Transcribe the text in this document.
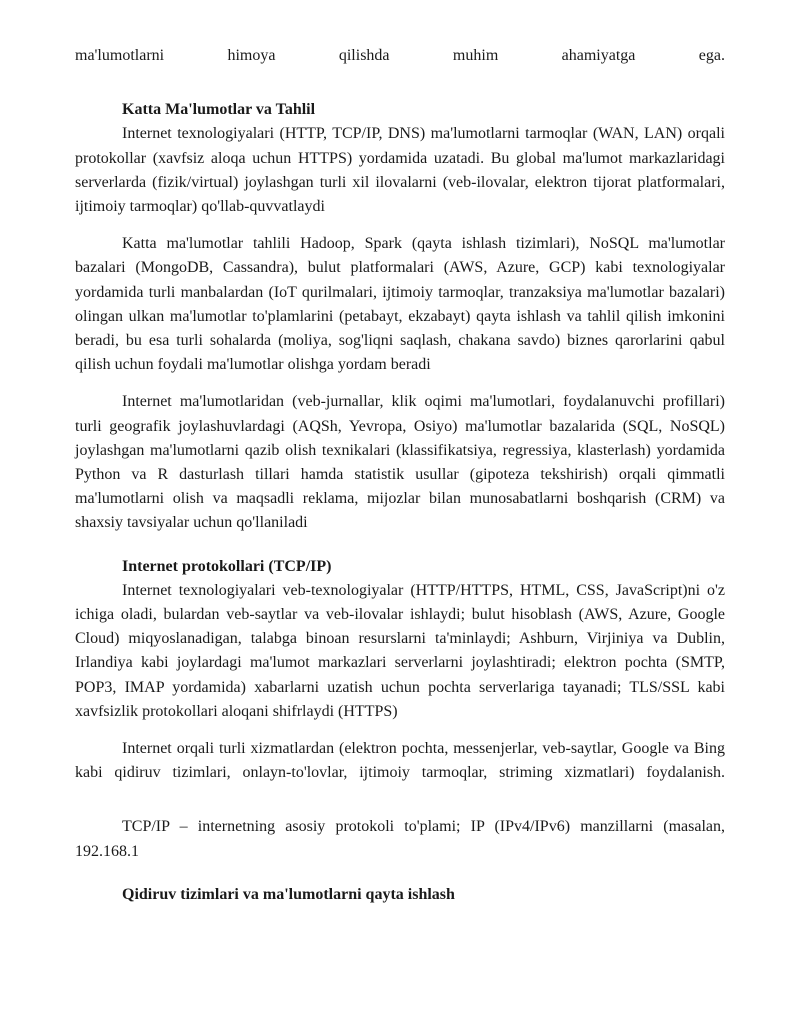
ma'lumotlarni himoya qilishda muhim ahamiyatga ega.

Katta Ma'lumotlar va Tahlil

Internet texnologiyalari (HTTP, TCP/IP, DNS) ma'lumotlarni tarmoqlar (WAN, LAN) orqali protokollar (xavfsiz aloqa uchun HTTPS) yordamida uzatadi. Bu global ma'lumot markazlaridagi serverlarda (fizik/virtual) joylashgan turli xil ilovalarni (veb-ilovalar, elektron tijorat platformalari, ijtimoiy tarmoqlar) qo'llab-quvvatlaydi

Katta ma'lumotlar tahlili Hadoop, Spark (qayta ishlash tizimlari), NoSQL ma'lumotlar bazalari (MongoDB, Cassandra), bulut platformalari (AWS, Azure, GCP) kabi texnologiyalar yordamida turli manbalardan (IoT qurilmalari, ijtimoiy tarmoqlar, tranzaksiya ma'lumotlar bazalari) olingan ulkan ma'lumotlar to'plamlarini (petabayt, ekzabayt) qayta ishlash va tahlil qilish imkonini beradi, bu esa turli sohalarda (moliya, sog'liqni saqlash, chakana savdo) biznes qarorlarini qabul qilish uchun foydali ma'lumotlar olishga yordam beradi

Internet ma'lumotlaridan (veb-jurnallar, klik oqimi ma'lumotlari, foydalanuvchi profillari) turli geografik joylashuvlardagi (AQSh, Yevropa, Osiyo) ma'lumotlar bazalarida (SQL, NoSQL) joylashgan ma'lumotlarni qazib olish texnikalari (klassifikatsiya, regressiya, klasterlash) yordamida Python va R dasturlash tillari hamda statistik usullar (gipoteza tekshirish) orqali qimmatli ma'lumotlarni olish va maqsadli reklama, mijozlar bilan munosabatlarni boshqarish (CRM) va shaxsiy tavsiyalar uchun qo'llaniladi

Internet protokollari (TCP/IP)

Internet texnologiyalari veb-texnologiyalar (HTTP/HTTPS, HTML, CSS, JavaScript)ni o'z ichiga oladi, bulardan veb-saytlar va veb-ilovalar ishlaydi; bulut hisoblash (AWS, Azure, Google Cloud) miqyoslanadigan, talabga binoan resurslarni ta'minlaydi; Ashburn, Virjiniya va Dublin, Irlandiya kabi joylardagi ma'lumot markazlari serverlarni joylashtiradi; elektron pochta (SMTP, POP3, IMAP yordamida) xabarlarni uzatish uchun pochta serverlariga tayanadi; TLS/SSL kabi xavfsizlik protokollari aloqani shifrlaydi (HTTPS)

Internet orqali turli xizmatlardan (elektron pochta, messenjerlar, veb-saytlar, Google va Bing kabi qidiruv tizimlari, onlayn-to'lovlar, ijtimoiy tarmoqlar, striming xizmatlari) foydalanish.

TCP/IP – internetning asosiy protokoli to'plami; IP (IPv4/IPv6) manzillarni (masalan, 192.168.1

Qidiruv tizimlari va ma'lumotlarni qayta ishlash
